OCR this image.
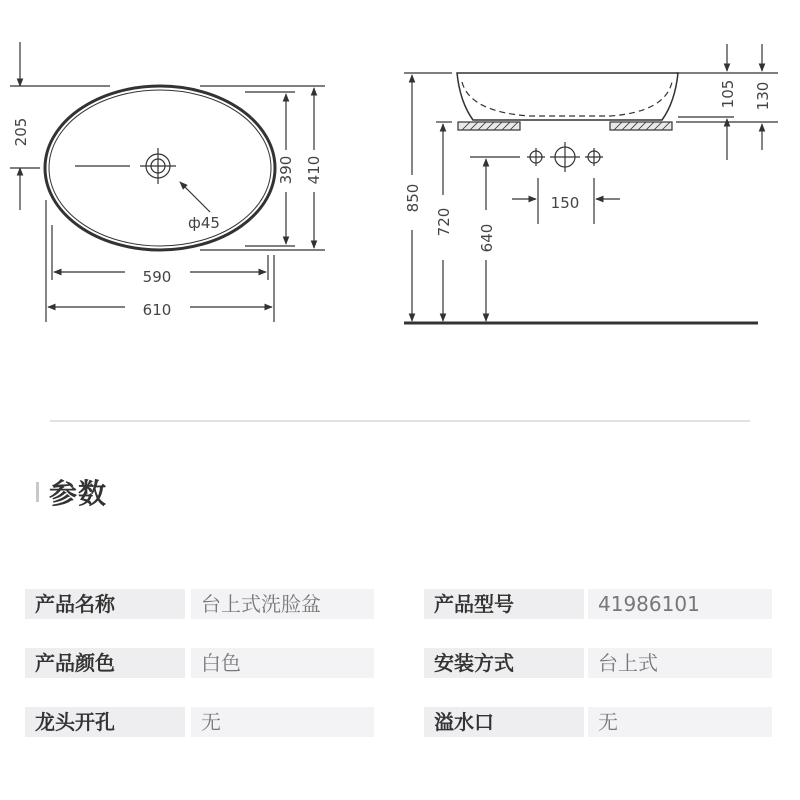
205
390 410
ф45
590
610
850
720
640
150
105 130
参数
产品名称	台上式洗脸盆	产品型号	41986101
产品颜色	白色	安装方式	台上式
龙头开孔	无	溢水口	无
